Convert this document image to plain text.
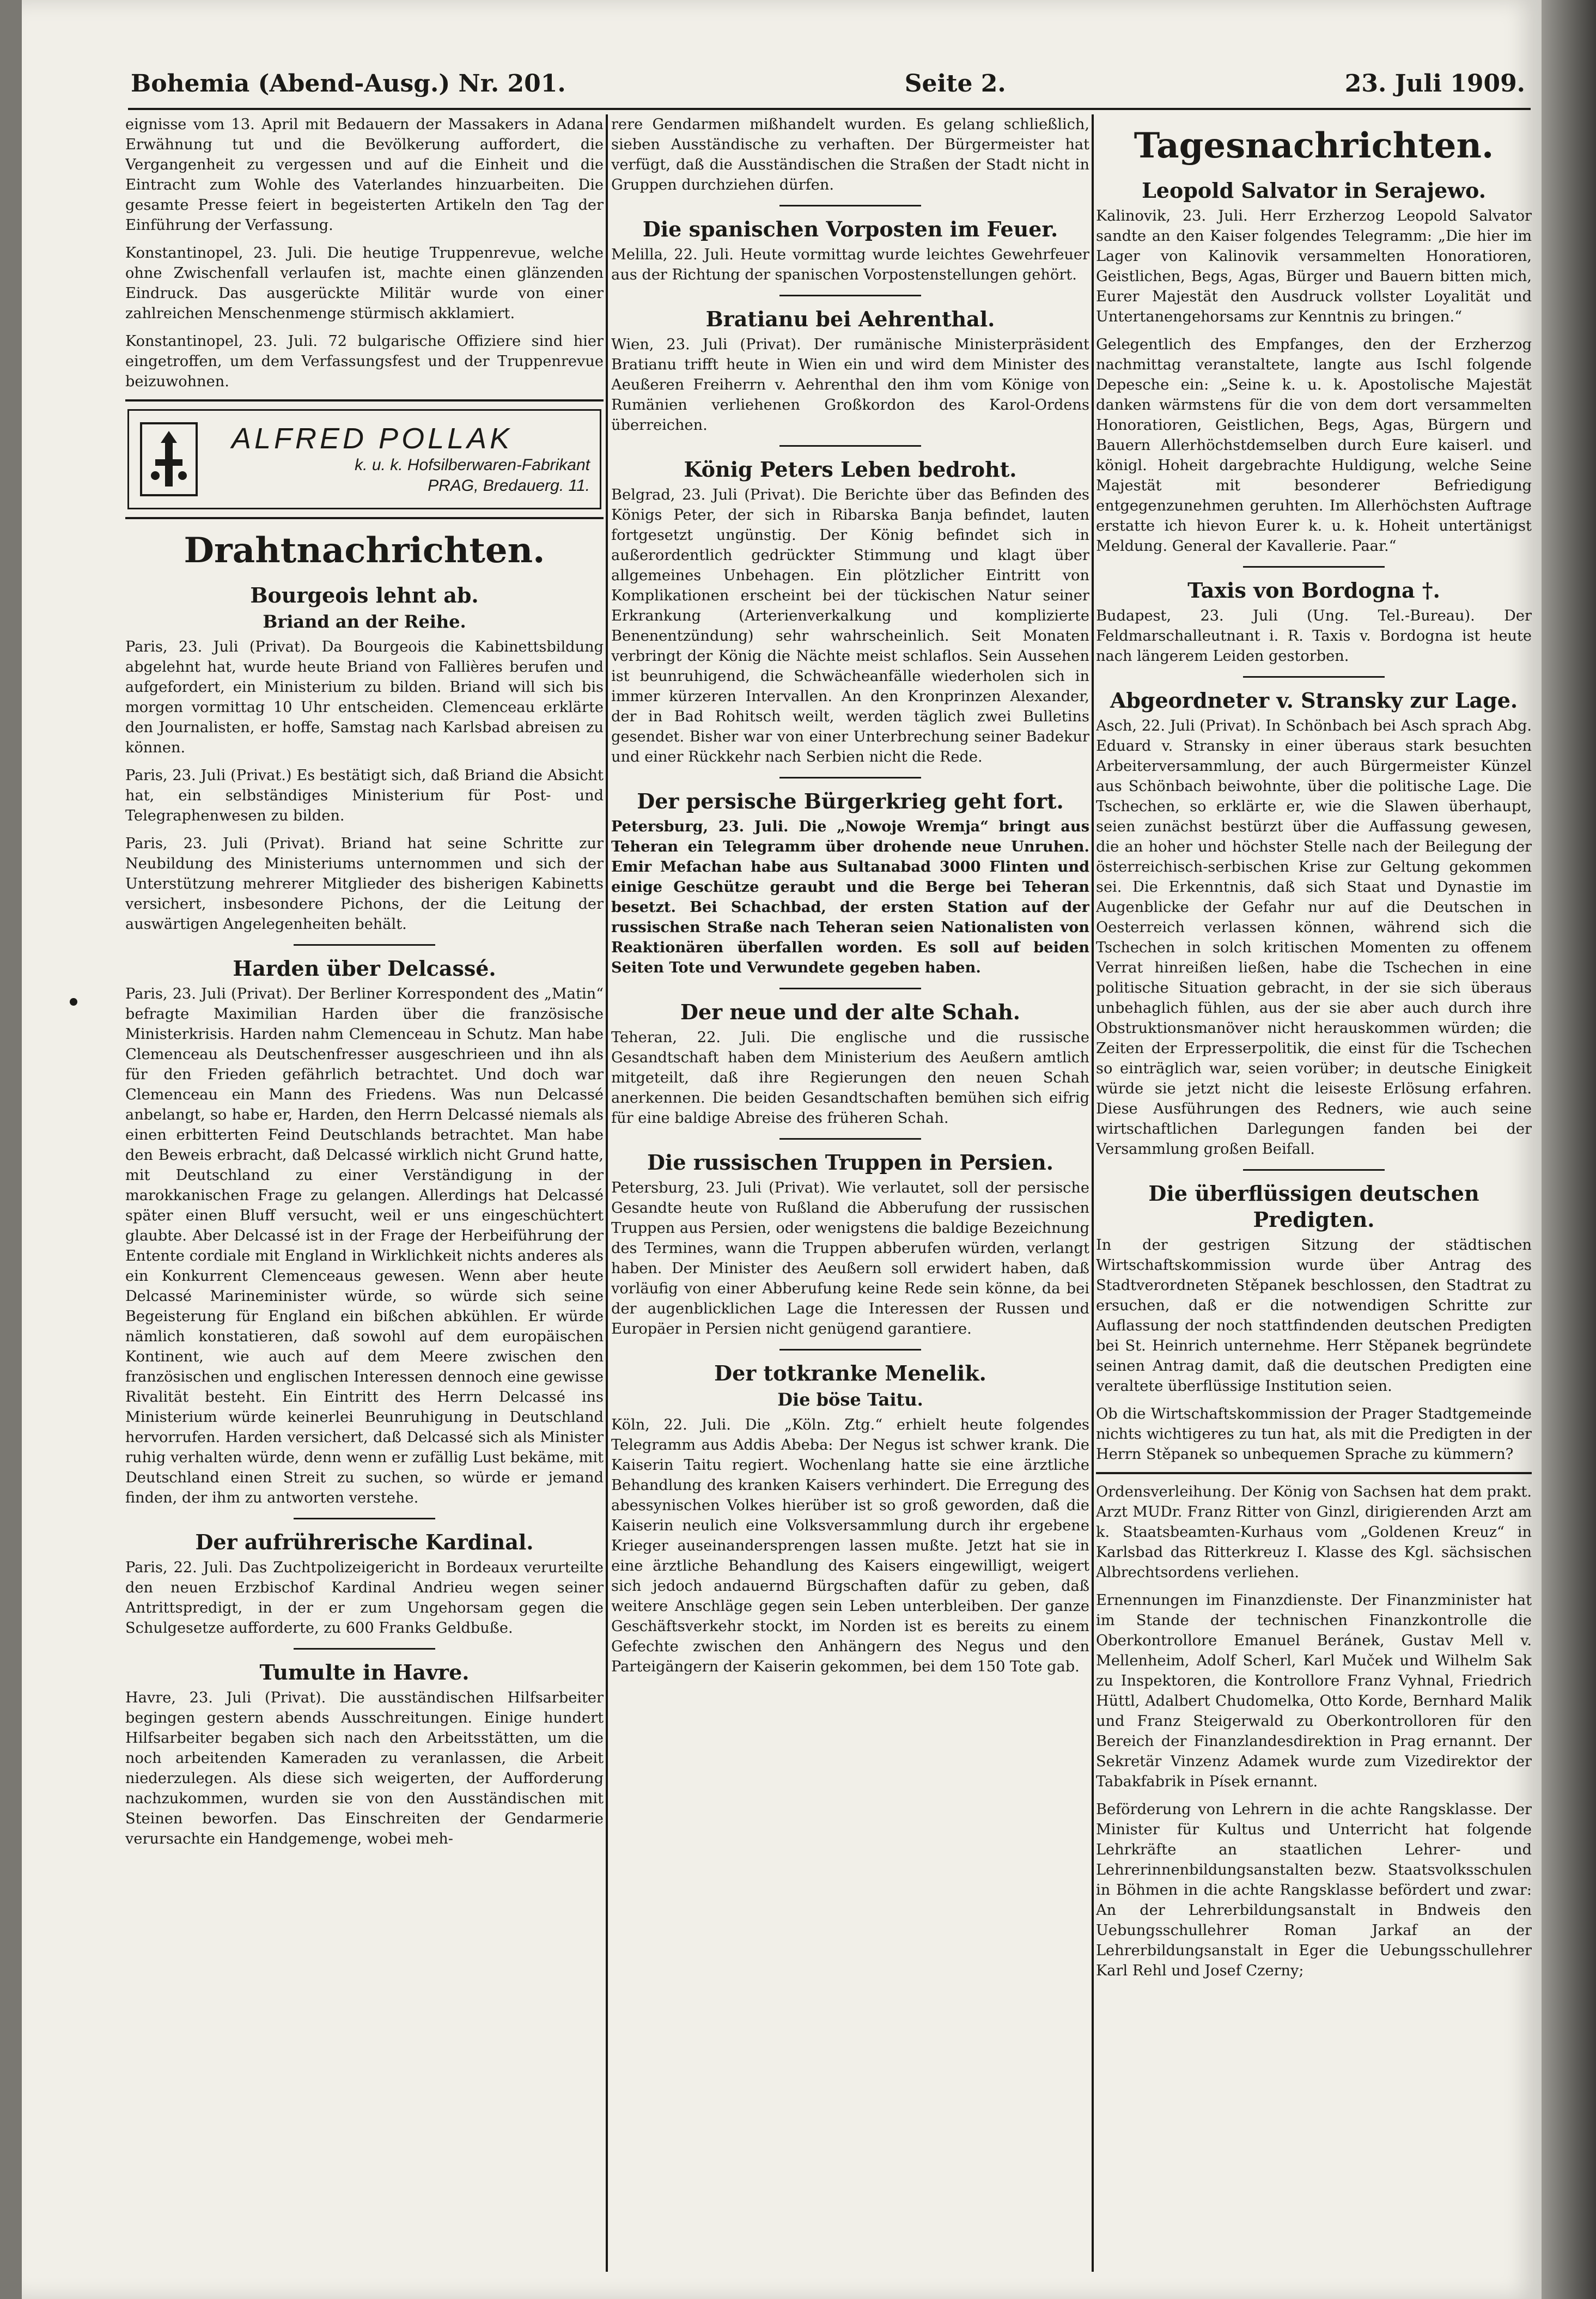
Bohemia (Abend-Ausg.) Nr. 201.	Seite 2.	23. Juli 1909.

eignisse vom 13. April mit Bedauern der Massakers in Adana Erwähnung tut und die Bevölkerung auffordert, die Vergangenheit zu vergessen und auf die Einheit und die Eintracht zum Wohle des Vaterlandes hinzuarbeiten. Die gesamte Presse feiert in begeisterten Artikeln den Tag der Einführung der Verfassung.

Konstantinopel, 23. Juli. Die heutige Truppenrevue, welche ohne Zwischenfall verlaufen ist, machte einen glänzenden Eindruck. Das ausgerückte Militär wurde von einer zahlreichen Menschenmenge stürmisch akklamiert.

Konstantinopel, 23. Juli. 72 bulgarische Offiziere sind hier eingetroffen, um dem Verfassungsfest und der Truppenrevue beizuwohnen.

ALFRED POLLAK
k. u. k. Hofsilberwaren-Fabrikant
PRAG, Bredauerg. 11.
Drahtnachrichten.
Bourgeois lehnt ab.
Briand an der Reihe.

Paris, 23. Juli (Privat). Da Bourgeois die Kabinettsbildung abgelehnt hat, wurde heute Briand von Fallières berufen und aufgefordert, ein Ministerium zu bilden. Briand will sich bis morgen vormittag 10 Uhr entscheiden. Clemenceau erklärte den Journalisten, er hoffe, Samstag nach Karlsbad abreisen zu können.

Paris, 23. Juli (Privat.) Es bestätigt sich, daß Briand die Absicht hat, ein selbständiges Ministerium für Post- und Telegraphenwesen zu bilden.

Paris, 23. Juli (Privat). Briand hat seine Schritte zur Neubildung des Ministeriums unternommen und sich der Unterstützung mehrerer Mitglieder des bisherigen Kabinetts versichert, insbesondere Pichons, der die Leitung der auswärtigen Angelegenheiten behält.

Harden über Delcassé.

Paris, 23. Juli (Privat). Der Berliner Korrespondent des „Matin“ befragte Maximilian Harden über die französische Ministerkrisis. Harden nahm Clemenceau in Schutz. Man habe Clemenceau als Deutschenfresser ausgeschrieen und ihn als für den Frieden gefährlich betrachtet. Und doch war Clemenceau ein Mann des Friedens. Was nun Delcassé anbelangt, so habe er, Harden, den Herrn Delcassé niemals als einen erbitterten Feind Deutschlands betrachtet. Man habe den Beweis erbracht, daß Delcassé wirklich nicht Grund hatte, mit Deutschland zu einer Verständigung in der marokkanischen Frage zu gelangen. Allerdings hat Delcassé später einen Bluff versucht, weil er uns eingeschüchtert glaubte. Aber Delcassé ist in der Frage der Herbeiführung der Entente cordiale mit England in Wirklichkeit nichts anderes als ein Konkurrent Clemenceaus gewesen. Wenn aber heute Delcassé Marineminister würde, so würde sich seine Begeisterung für England ein bißchen abkühlen. Er würde nämlich konstatieren, daß sowohl auf dem europäischen Kontinent, wie auch auf dem Meere zwischen den französischen und englischen Interessen dennoch eine gewisse Rivalität besteht. Ein Eintritt des Herrn Delcassé ins Ministerium würde keinerlei Beunruhigung in Deutschland hervorrufen. Harden versichert, daß Delcassé sich als Minister ruhig verhalten würde, denn wenn er zufällig Lust bekäme, mit Deutschland einen Streit zu suchen, so würde er jemand finden, der ihm zu antworten verstehe.

Der aufrührerische Kardinal.

Paris, 22. Juli. Das Zuchtpolizeigericht in Bordeaux verurteilte den neuen Erzbischof Kardinal Andrieu wegen seiner Antrittspredigt, in der er zum Ungehorsam gegen die Schulgesetze aufforderte, zu 600 Franks Geldbuße.

Tumulte in Havre.

Havre, 23. Juli (Privat). Die ausständischen Hilfsarbeiter begingen gestern abends Ausschreitungen. Einige hundert Hilfsarbeiter begaben sich nach den Arbeitsstätten, um die noch arbeitenden Kameraden zu veranlassen, die Arbeit niederzulegen. Als diese sich weigerten, der Aufforderung nachzukommen, wurden sie von den Ausständischen mit Steinen beworfen. Das Einschreiten der Gendarmerie verursachte ein Handgemenge, wobei meh-

rere Gendarmen mißhandelt wurden. Es gelang schließlich, sieben Ausständische zu verhaften. Der Bürgermeister hat verfügt, daß die Ausständischen die Straßen der Stadt nicht in Gruppen durchziehen dürfen.

Die spanischen Vorposten im Feuer.

Melilla, 22. Juli. Heute vormittag wurde leichtes Gewehrfeuer aus der Richtung der spanischen Vorpostenstellungen gehört.

Bratianu bei Aehrenthal.

Wien, 23. Juli (Privat). Der rumänische Ministerpräsident Bratianu trifft heute in Wien ein und wird dem Minister des Aeußeren Freiherrn v. Aehrenthal den ihm vom Könige von Rumänien verliehenen Großkordon des Karol-Ordens überreichen.

König Peters Leben bedroht.

Belgrad, 23. Juli (Privat). Die Berichte über das Befinden des Königs Peter, der sich in Ribarska Banja befindet, lauten fortgesetzt ungünstig. Der König befindet sich in außerordentlich gedrückter Stimmung und klagt über allgemeines Unbehagen. Ein plötzlicher Eintritt von Komplikationen erscheint bei der tückischen Natur seiner Erkrankung (Arterienverkalkung und komplizierte Benenentzündung) sehr wahrscheinlich. Seit Monaten verbringt der König die Nächte meist schlaflos. Sein Aussehen ist beunruhigend, die Schwächeanfälle wiederholen sich in immer kürzeren Intervallen. An den Kronprinzen Alexander, der in Bad Rohitsch weilt, werden täglich zwei Bulletins gesendet. Bisher war von einer Unterbrechung seiner Badekur und einer Rückkehr nach Serbien nicht die Rede.

Der persische Bürgerkrieg geht fort.

Petersburg, 23. Juli. Die „Nowoje Wremja“ bringt aus Teheran ein Telegramm über drohende neue Unruhen. Emir Mefachan habe aus Sultanabad 3000 Flinten und einige Geschütze geraubt und die Berge bei Teheran besetzt. Bei Schachbad, der ersten Station auf der russischen Straße nach Teheran seien Nationalisten von Reaktionären überfallen worden. Es soll auf beiden Seiten Tote und Verwundete gegeben haben.

Der neue und der alte Schah.

Teheran, 22. Juli. Die englische und die russische Gesandtschaft haben dem Ministerium des Aeußern amtlich mitgeteilt, daß ihre Regierungen den neuen Schah anerkennen. Die beiden Gesandtschaften bemühen sich eifrig für eine baldige Abreise des früheren Schah.

Die russischen Truppen in Persien.

Petersburg, 23. Juli (Privat). Wie verlautet, soll der persische Gesandte heute von Rußland die Abberufung der russischen Truppen aus Persien, oder wenigstens die baldige Bezeichnung des Termines, wann die Truppen abberufen würden, verlangt haben. Der Minister des Aeußern soll erwidert haben, daß vorläufig von einer Abberufung keine Rede sein könne, da bei der augenblicklichen Lage die Interessen der Russen und Europäer in Persien nicht genügend garantiere.

Der totkranke Menelik.
Die böse Taitu.

Köln, 22. Juli. Die „Köln. Ztg.“ erhielt heute folgendes Telegramm aus Addis Abeba: Der Negus ist schwer krank. Die Kaiserin Taitu regiert. Wochenlang hatte sie eine ärztliche Behandlung des kranken Kaisers verhindert. Die Erregung des abessynischen Volkes hierüber ist so groß geworden, daß die Kaiserin neulich eine Volksversammlung durch ihr ergebene Krieger auseinandersprengen lassen mußte. Jetzt hat sie in eine ärztliche Behandlung des Kaisers eingewilligt, weigert sich jedoch andauernd Bürgschaften dafür zu geben, daß weitere Anschläge gegen sein Leben unterbleiben. Der ganze Geschäftsverkehr stockt, im Norden ist es bereits zu einem Gefechte zwischen den Anhängern des Negus und den Parteigängern der Kaiserin gekommen, bei dem 150 Tote gab.

Tagesnachrichten.
Leopold Salvator in Serajewo.

Kalinovik, 23. Juli. Herr Erzherzog Leopold Salvator sandte an den Kaiser folgendes Telegramm: „Die hier im Lager von Kalinovik versammelten Honoratioren, Geistlichen, Begs, Agas, Bürger und Bauern bitten mich, Eurer Majestät den Ausdruck vollster Loyalität und Untertanengehorsams zur Kenntnis zu bringen.“

Gelegentlich des Empfanges, den der Erzherzog nachmittag veranstaltete, langte aus Ischl folgende Depesche ein: „Seine k. u. k. Apostolische Majestät danken wärmstens für die von dem dort versammelten Honoratioren, Geistlichen, Begs, Agas, Bürgern und Bauern Allerhöchstdemselben durch Eure kaiserl. und königl. Hoheit dargebrachte Huldigung, welche Seine Majestät mit besonderer Befriedigung entgegenzunehmen geruhten. Im Allerhöchsten Auftrage erstatte ich hievon Eurer k. u. k. Hoheit untertänigst Meldung. General der Kavallerie. Paar.“

Taxis von Bordogna †.

Budapest, 23. Juli (Ung. Tel.-Bureau). Der Feldmarschalleutnant i. R. Taxis v. Bordogna ist heute nach längerem Leiden gestorben.

Abgeordneter v. Stransky zur Lage.

Asch, 22. Juli (Privat). In Schönbach bei Asch sprach Abg. Eduard v. Stransky in einer überaus stark besuchten Arbeiterversammlung, der auch Bürgermeister Künzel aus Schönbach beiwohnte, über die politische Lage. Die Tschechen, so erklärte er, wie die Slawen überhaupt, seien zunächst bestürzt über die Auffassung gewesen, die an hoher und höchster Stelle nach der Beilegung der österreichisch-serbischen Krise zur Geltung gekommen sei. Die Erkenntnis, daß sich Staat und Dynastie im Augenblicke der Gefahr nur auf die Deutschen in Oesterreich verlassen können, während sich die Tschechen in solch kritischen Momenten zu offenem Verrat hinreißen ließen, habe die Tschechen in eine politische Situation gebracht, in der sie sich überaus unbehaglich fühlen, aus der sie aber auch durch ihre Obstruktionsmanöver nicht herauskommen würden; die Zeiten der Erpresserpolitik, die einst für die Tschechen so einträglich war, seien vorüber; in deutsche Einigkeit würde sie jetzt nicht die leiseste Erlösung erfahren. Diese Ausführungen des Redners, wie auch seine wirtschaftlichen Darlegungen fanden bei der Versammlung großen Beifall.

Die überflüssigen deutschen Predigten.

In der gestrigen Sitzung der städtischen Wirtschaftskommission wurde über Antrag des Stadtverordneten Stěpanek beschlossen, den Stadtrat zu ersuchen, daß er die notwendigen Schritte zur Auflassung der noch stattfindenden deutschen Predigten bei St. Heinrich unternehme. Herr Stěpanek begründete seinen Antrag damit, daß die deutschen Predigten eine veraltete überflüssige Institution seien.

Ob die Wirtschaftskommission der Prager Stadtgemeinde nichts wichtigeres zu tun hat, als mit die Predigten in der Herrn Stěpanek so unbequemen Sprache zu kümmern?

Ordensverleihung. Der König von Sachsen hat dem prakt. Arzt MUDr. Franz Ritter von Ginzl, dirigierenden Arzt am k. Staatsbeamten-Kurhaus vom „Goldenen Kreuz“ in Karlsbad das Ritterkreuz I. Klasse des Kgl. sächsischen Albrechtsordens verliehen.

Ernennungen im Finanzdienste. Der Finanzminister hat im Stande der technischen Finanzkontrolle die Oberkontrollore Emanuel Beránek, Gustav Mell v. Mellenheim, Adolf Scherl, Karl Muček und Wilhelm Sak zu Inspektoren, die Kontrollore Franz Vyhnal, Friedrich Hüttl, Adalbert Chudomelka, Otto Korde, Bernhard Malik und Franz Steigerwald zu Oberkontrolloren für den Bereich der Finanzlandesdirektion in Prag ernannt. Der Sekretär Vinzenz Adamek wurde zum Vizedirektor der Tabakfabrik in Písek ernannt.

Beförderung von Lehrern in die achte Rangsklasse. Der Minister für Kultus und Unterricht hat folgende Lehrkräfte an staatlichen Lehrer- und Lehrerinnenbildungsanstalten bezw. Staatsvolksschulen in Böhmen in die achte Rangsklasse befördert und zwar: An der Lehrerbildungsanstalt in Bndweis den Uebungsschullehrer Roman Jarkaf an der Lehrerbildungsanstalt in Eger die Uebungsschullehrer Karl Rehl und Josef Czerny;
